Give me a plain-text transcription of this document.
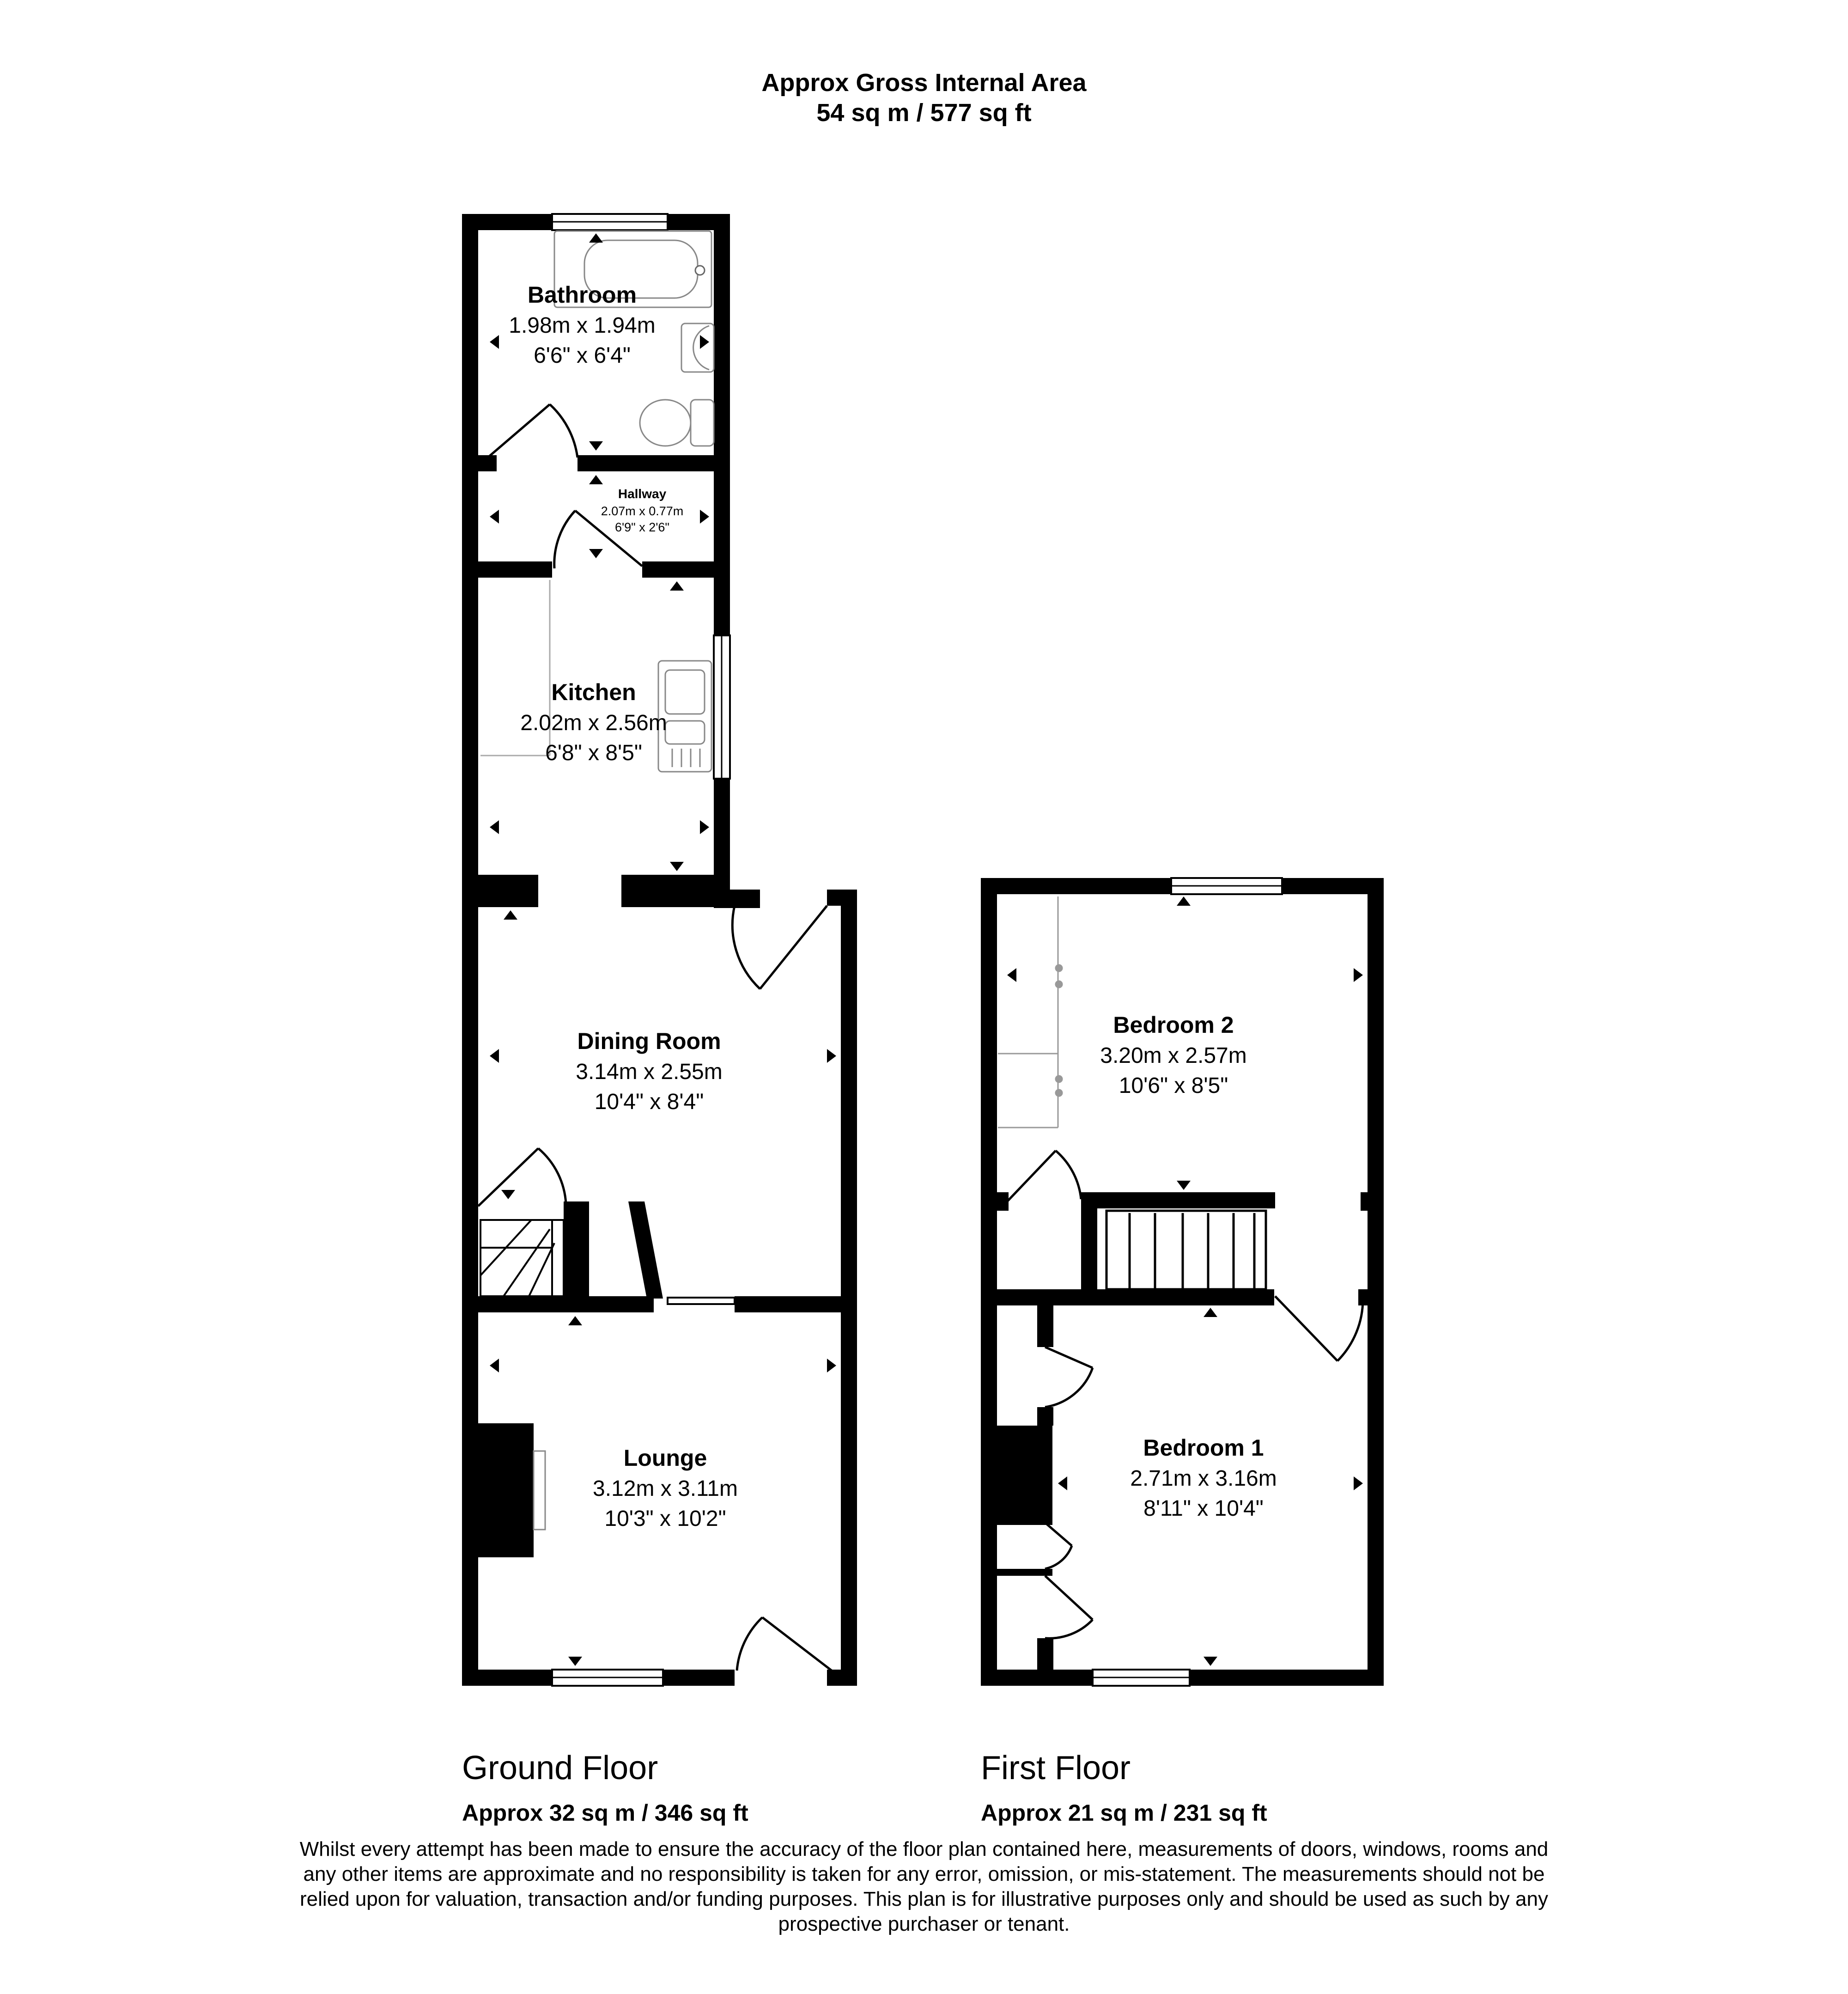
Approx Gross Internal Area
54 sq m / 577 sq ft
Bathroom
1.98m x 1.94m
6'6" x 6'4"
Hallway
2.07m x 0.77m
6'9" x 2'6"
Kitchen
2.02m x 2.56m
6'8" x 8'5"
Dining Room
3.14m x 2.55m
10'4" x 8'4"
Lounge
3.12m x 3.11m
10'3" x 10'2"
Bedroom 2
3.20m x 2.57m
10'6" x 8'5"
Bedroom 1
2.71m x 3.16m
8'11" x 10'4"
Ground Floor
Approx 32 sq m / 346 sq ft
First Floor
Approx 21 sq m / 231 sq ft
Whilst every attempt has been made to ensure the accuracy of the floor plan contained here, measurements of doors, windows, rooms and
any other items are approximate and no responsibility is taken for any error, omission, or mis-statement. The measurements should not be
relied upon for valuation, transaction and/or funding purposes. This plan is for illustrative purposes only and should be used as such by any
prospective purchaser or tenant.
